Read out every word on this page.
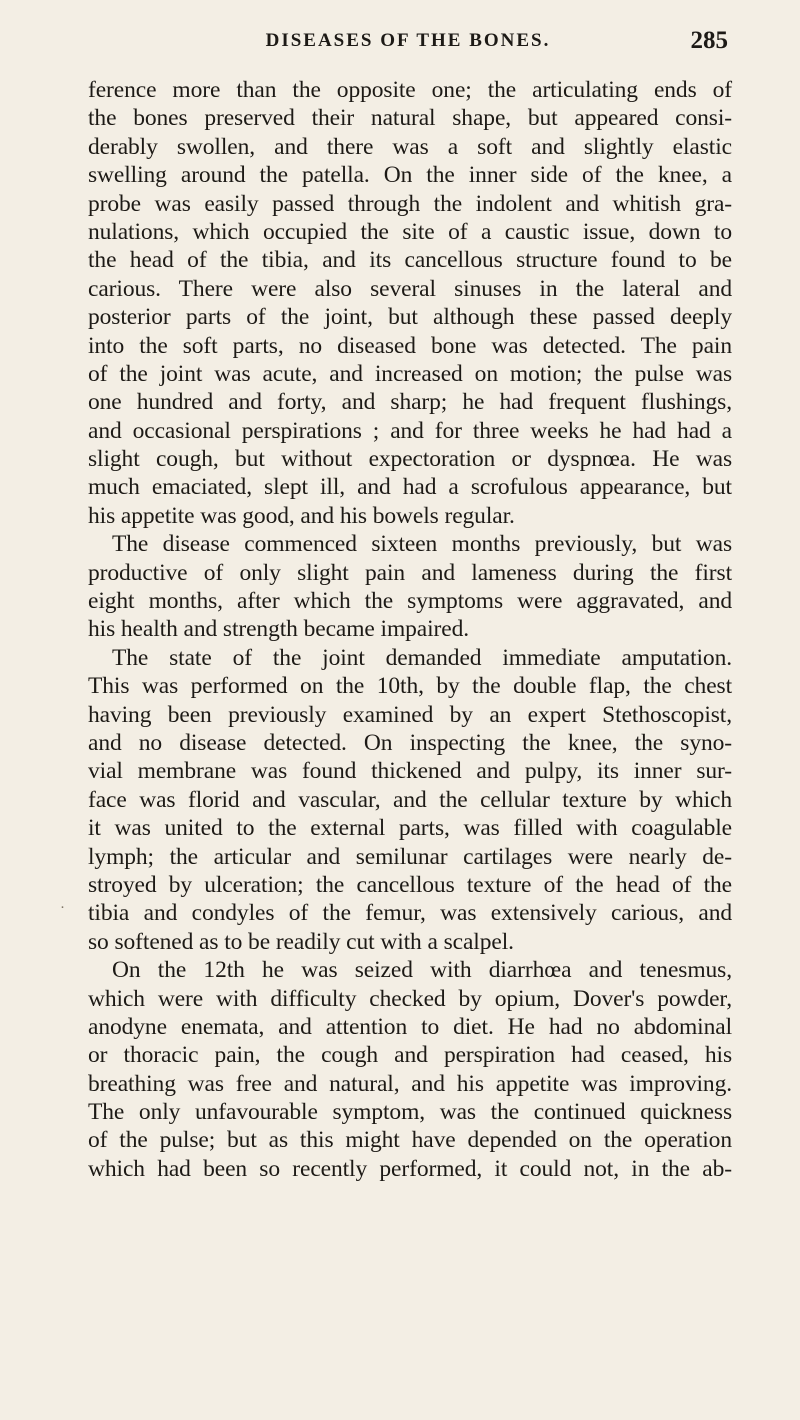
DISEASES OF THE BONES.	285
ference more than the opposite one; the articulating ends of
the bones preserved their natural shape, but appeared consi-
derably swollen, and there was a soft and slightly elastic
swelling around the patella. On the inner side of the knee, a
probe was easily passed through the indolent and whitish gra-
nulations, which occupied the site of a caustic issue, down to
the head of the tibia, and its cancellous structure found to be
carious. There were also several sinuses in the lateral and
posterior parts of the joint, but although these passed deeply
into the soft parts, no diseased bone was detected. The pain
of the joint was acute, and increased on motion; the pulse was
one hundred and forty, and sharp; he had frequent flushings,
and occasional perspirations ; and for three weeks he had had a
slight cough, but without expectoration or dyspnœa. He was
much emaciated, slept ill, and had a scrofulous appearance, but
his appetite was good, and his bowels regular.
The disease commenced sixteen months previously, but was
productive of only slight pain and lameness during the first
eight months, after which the symptoms were aggravated, and
his health and strength became impaired.
The state of the joint demanded immediate amputation.
This was performed on the 10th, by the double flap, the chest
having been previously examined by an expert Stethoscopist,
and no disease detected. On inspecting the knee, the syno-
vial membrane was found thickened and pulpy, its inner sur-
face was florid and vascular, and the cellular texture by which
it was united to the external parts, was filled with coagulable
lymph; the articular and semilunar cartilages were nearly de-
stroyed by ulceration; the cancellous texture of the head of the
tibia and condyles of the femur, was extensively carious, and
so softened as to be readily cut with a scalpel.
On the 12th he was seized with diarrhœa and tenesmus,
which were with difficulty checked by opium, Dover's powder,
anodyne enemata, and attention to diet. He had no abdominal
or thoracic pain, the cough and perspiration had ceased, his
breathing was free and natural, and his appetite was improving.
The only unfavourable symptom, was the continued quickness
of the pulse; but as this might have depended on the operation
which had been so recently performed, it could not, in the ab-
·
